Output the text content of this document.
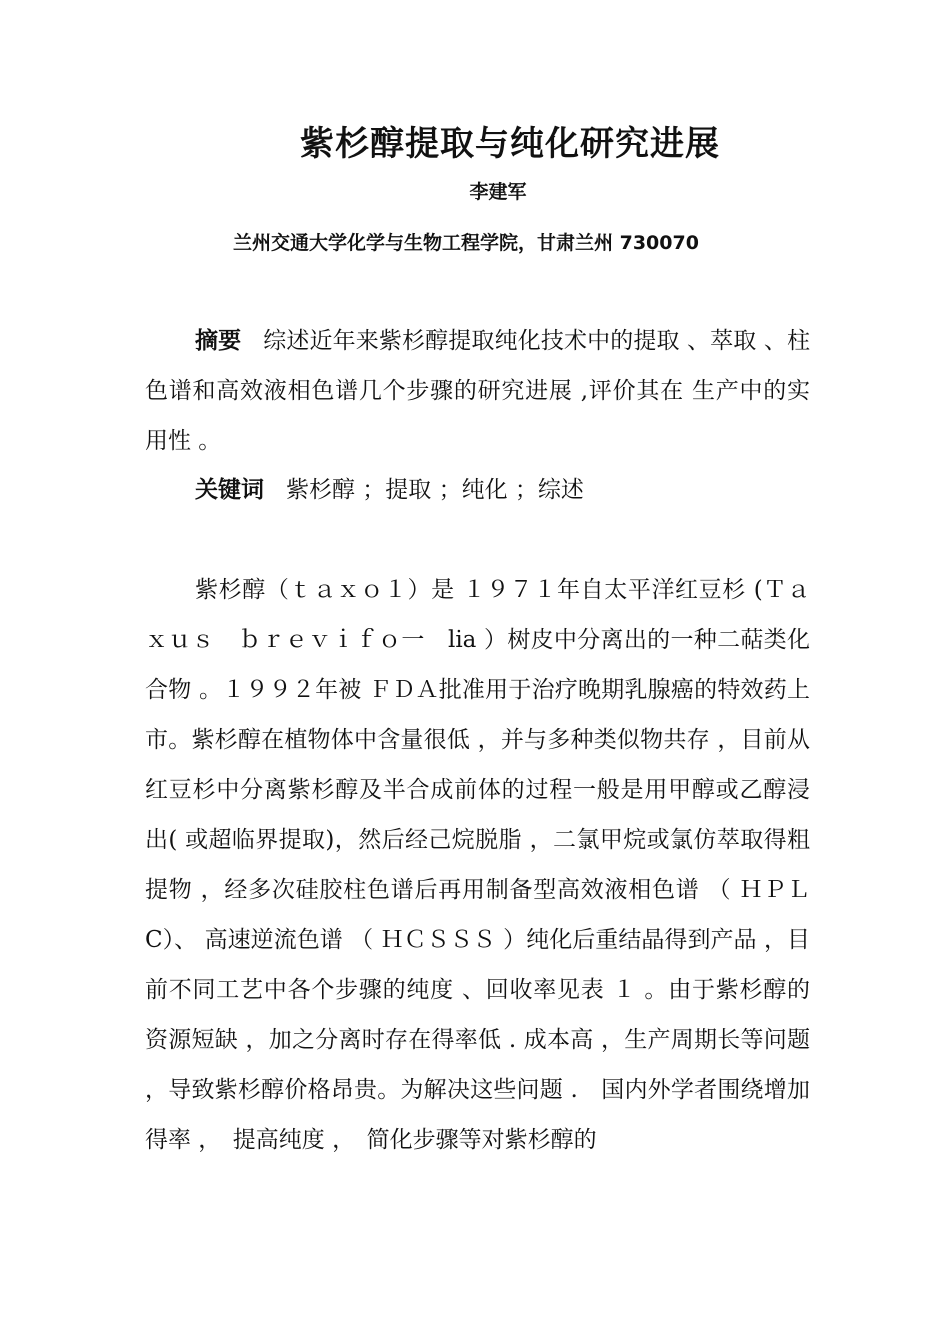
紫杉醇提取与纯化研究进展
李建军
兰州交通大学化学与生物工程学院，甘肃兰州 730070
摘要 综述近年来紫杉醇提取纯化技术中的提取 、萃取 、柱色谱和高效液相色谱几个步骤的研究进展 ,评价其在 生产中的实用性 。
关键词 紫杉醇 ；提取 ；纯化 ；综述
紫杉醇（ｔａｘｏ１）是 １９７１年自太平洋红豆杉 (Ｔａｘｕｓ　ｂｒｅｖｉｆｏ一　lia ）树皮中分离出的一种二萜类化合物 。１９９２年被 ＦＤＡ批准用于治疗晚期乳腺癌的特效药上市。紫杉醇在植物体中含量很低 ，并与多种类似物共存 ，目前从红豆杉中分离紫杉醇及半合成前体的过程一般是用甲醇或乙醇浸出( 或超临界提取)，然后经己烷脱脂 ，二氯甲烷或氯仿萃取得粗提物 ，经多次硅胶柱色谱后再用制备型高效液相色谱 （ ＨＰＬC）、 高速逆流色谱 （ ＨＣＳＳＳ ）纯化后重结晶得到产品 ，目前不同工艺中各个步骤的纯度 、回收率见表 １ 。由于紫杉醇的资源短缺 ，加之分离时存在得率低 . 成本高 ，生产周期长等问题 ，导致紫杉醇价格昂贵。为解决这些问题 .　国内外学者围绕增加得率 ，　提高纯度 ，　简化步骤等对紫杉醇的
